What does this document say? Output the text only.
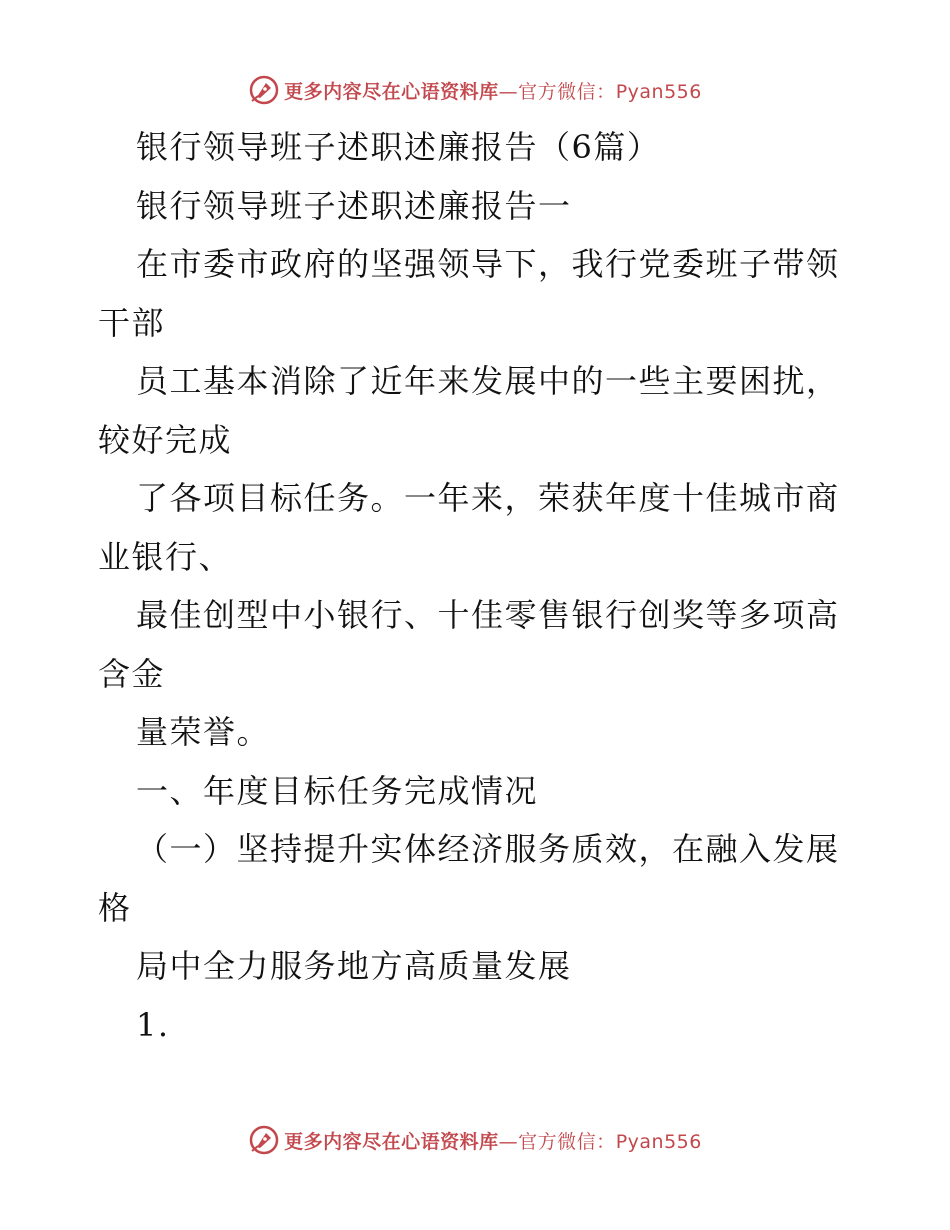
更多内容尽在心语资料库—官方微信：Pyan556
银行领导班子述职述廉报告（6篇）
银行领导班子述职述廉报告一
在市委市政府的坚强领导下，我行党委班子带领
干部
员工基本消除了近年来发展中的一些主要困扰，
较好完成
了各项目标任务。一年来，荣获年度十佳城市商
业银行、
最佳创型中小银行、十佳零售银行创奖等多项高
含金
量荣誉。
一、年度目标任务完成情况
（一）坚持提升实体经济服务质效，在融入发展
格
局中全力服务地方高质量发展
1.
更多内容尽在心语资料库—官方微信：Pyan556
